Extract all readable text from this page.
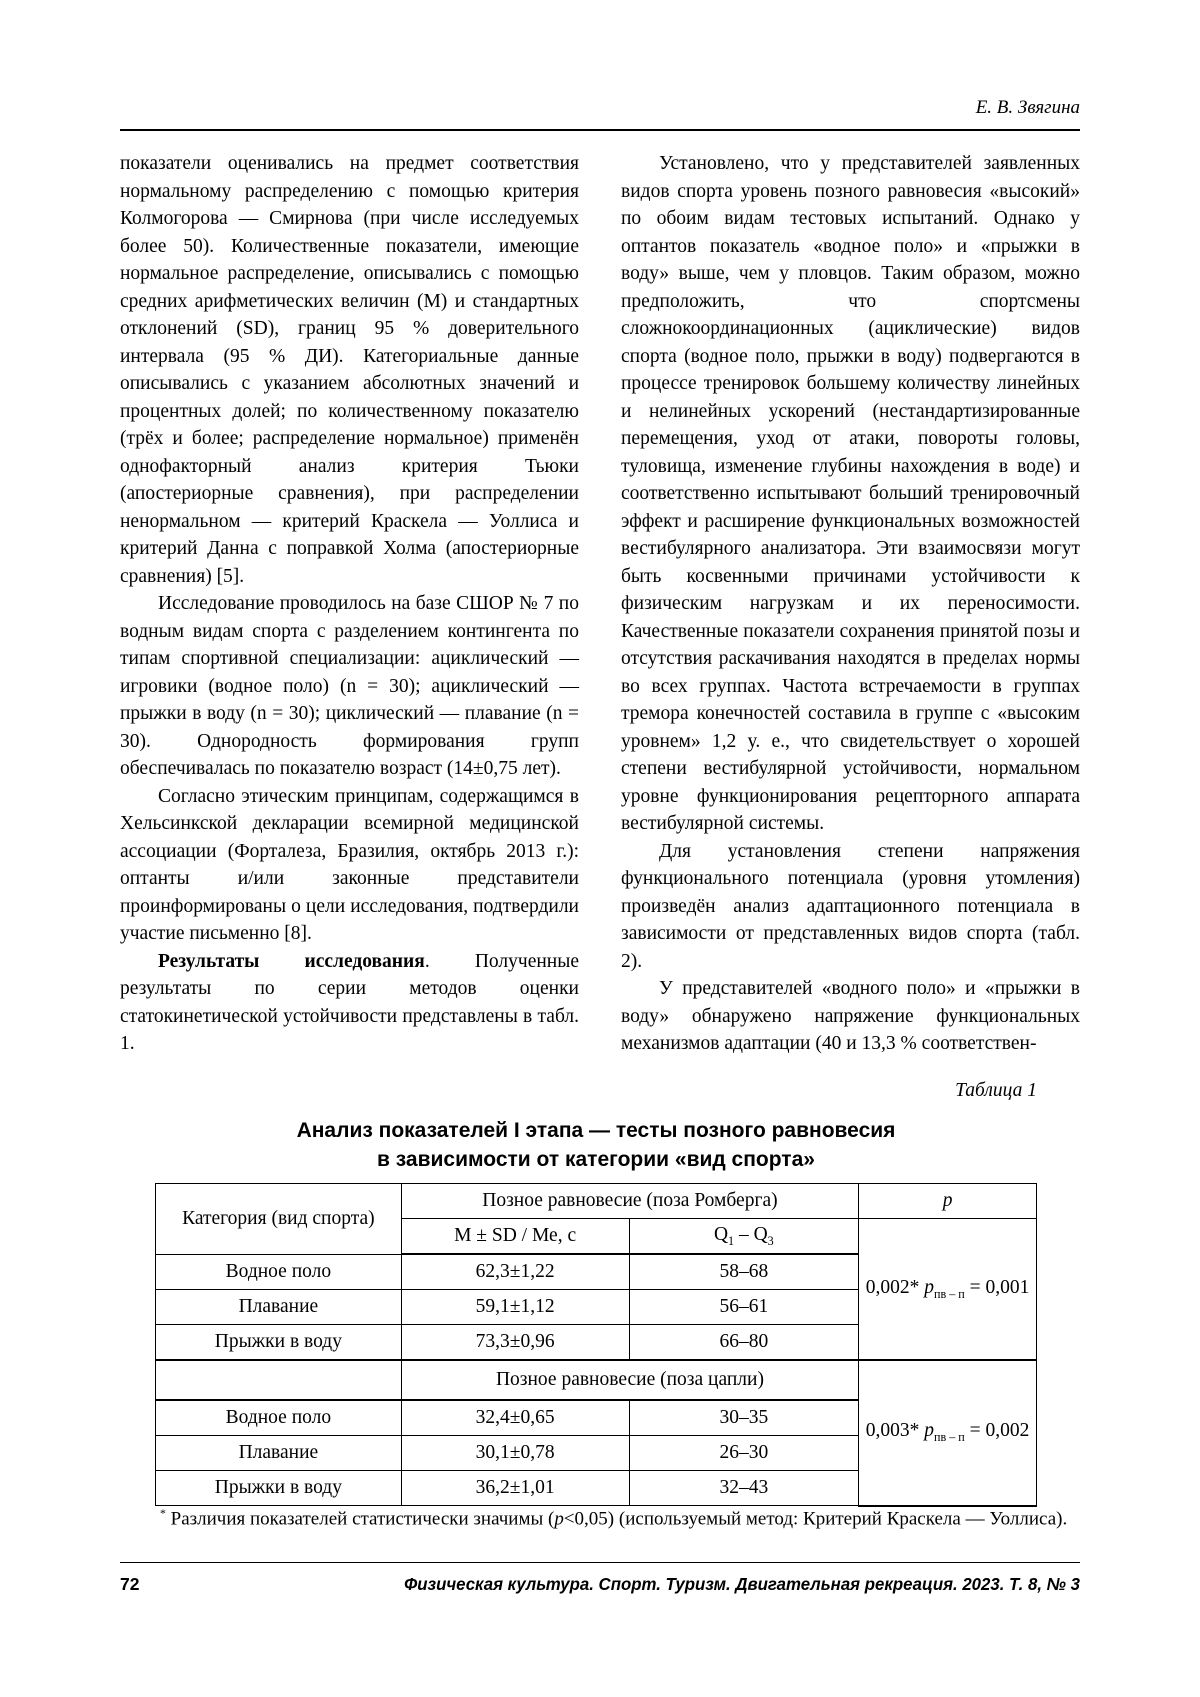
Е. В. Звягина

показатели оценивались на предмет соответствия нормальному распределению с помощью критерия Колмогорова — Смирнова (при числе исследуемых более 50). Количественные показатели, имеющие нормальное распределение, описывались с помощью средних арифметических величин (М) и стандартных отклонений (SD), границ 95 % доверительного интервала (95 % ДИ). Категориальные данные описывались с указанием абсолютных значений и процентных долей; по количественному показателю (трёх и более; распределение нормальное) применён однофакторный анализ критерия Тьюки (апостериорные сравнения), при распределении ненормальном — критерий Краскела — Уоллиса и критерий Данна с поправкой Холма (апостериорные сравнения) [5].

Исследование проводилось на базе СШОР № 7 по водным видам спорта с разделением контингента по типам спортивной специализации: ациклический — игровики (водное поло) (n = 30); ациклический — прыжки в воду (n = 30); циклический — плавание (n = 30). Однородность формирования групп обеспечивалась по показателю возраст (14±0,75 лет).

Согласно этическим принципам, содержащимся в Хельсинкской декларации всемирной медицинской ассоциации (Форталеза, Бразилия, октябрь 2013 г.): оптанты и/или законные представители проинформированы о цели исследования, подтвердили участие письменно [8].

Результаты исследования. Полученные результаты по серии методов оценки статокинетической устойчивости представлены в табл. 1.

Установлено, что у представителей заявленных видов спорта уровень позного равновесия «высокий» по обоим видам тестовых испытаний. Однако у оптантов показатель «водное поло» и «прыжки в воду» выше, чем у пловцов. Таким образом, можно предположить, что спортсмены сложнокоординационных (ациклические) видов спорта (водное поло, прыжки в воду) подвергаются в процессе тренировок большему количеству линейных и нелинейных ускорений (нестандартизированные перемещения, уход от атаки, повороты головы, туловища, изменение глубины нахождения в воде) и соответственно испытывают больший тренировочный эффект и расширение функциональных возможностей вестибулярного анализатора. Эти взаимосвязи могут быть косвенными причинами устойчивости к физическим нагрузкам и их переносимости. Качественные показатели сохранения принятой позы и отсутствия раскачивания находятся в пределах нормы во всех группах. Частота встречаемости в группах тремора конечностей составила в группе с «высоким уровнем» 1,2 у. е., что свидетельствует о хорошей степени вестибулярной устойчивости, нормальном уровне функционирования рецепторного аппарата вестибулярной системы.

Для установления степени напряжения функционального потенциала (уровня утомления) произведён анализ адаптационного потенциала в зависимости от представленных видов спорта (табл. 2).

У представителей «водного поло» и «прыжки в воду» обнаружено напряжение функциональных механизмов адаптации (40 и 13,3 % соответствен-

Таблица 1
Анализ показателей I этапа — тесты позного равновесия
в зависимости от категории «вид спорта»
Категория (вид спорта)	Позное равновесие (поза Ромберга)		p
	М ± SD / Ме, с	$Q_1 - Q_3$	0,002* $p_{пв - п} = 0,001$
Водное поло	62,3±1,22	58–68	
Плавание	59,1±1,12	56–61	
Прыжки в воду	73,3±0,96	66–80	
	Позное равновесие (поза цапли)		0,003* $p_{пв - п} = 0,002$
Водное поло	32,4±0,65	30–35	
Плавание	30,1±0,78	26–30	
Прыжки в воду	36,2±1,01	32–43	
* Различия показателей статистически значимы (p<0,05) (используемый метод: Критерий Краскела — Уоллиса).
72	Физическая культура. Спорт. Туризм. Двигательная рекреация. 2023. Т. 8, № 3
